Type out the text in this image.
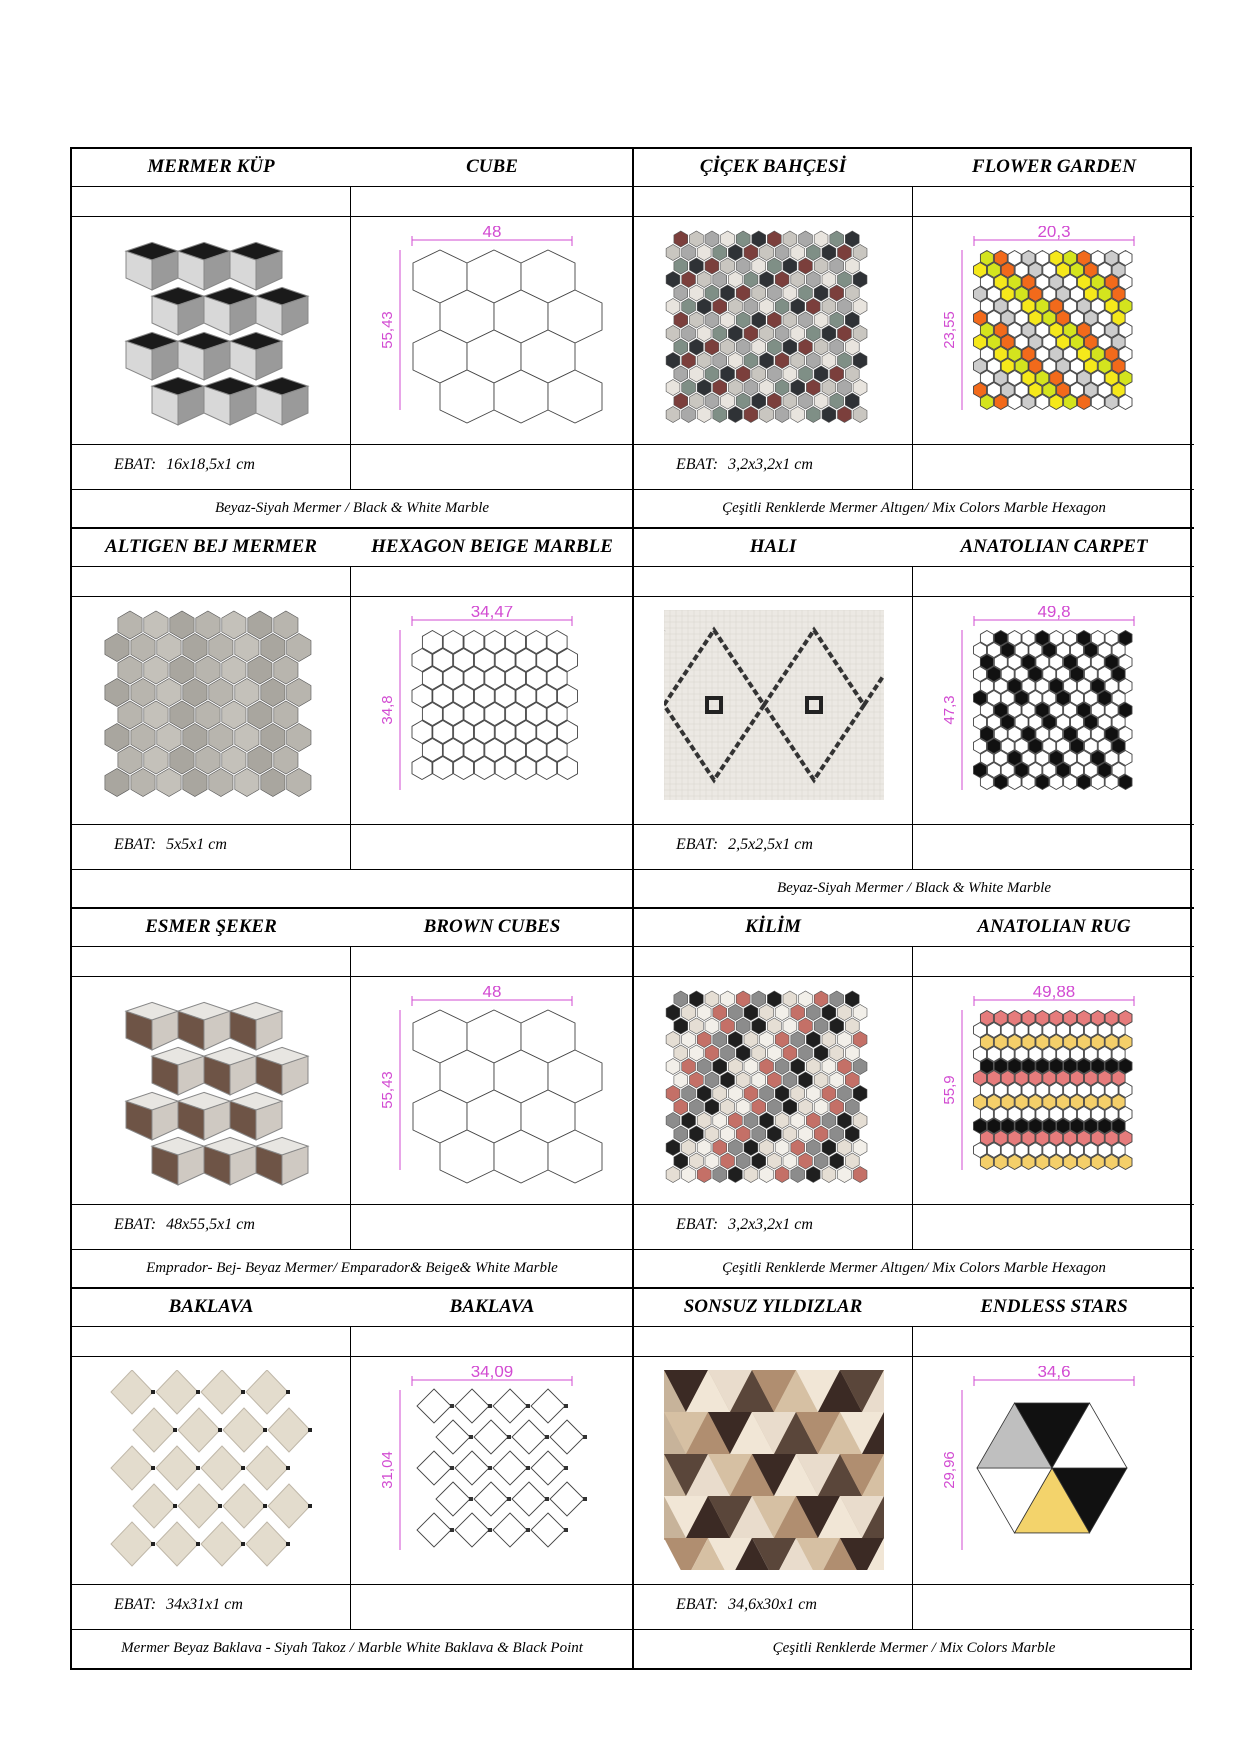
MERMER KÜP	CUBE
48
55,43
EBAT: 16x18,5x1 cm
Beyaz-Siyah Mermer / Black & White Marble
ÇİÇEK BAHÇESİ	FLOWER GARDEN
20,3
23,55
EBAT: 3,2x3,2x1 cm
Çeşitli Renklerde Mermer Altıgen/ Mix Colors Marble Hexagon
ALTIGEN BEJ MERMER	HEXAGON BEIGE MARBLE
34,47
34,8
EBAT: 5x5x1 cm
HALI	ANATOLIAN CARPET
49,8
47,3
EBAT: 2,5x2,5x1 cm
Beyaz-Siyah Mermer / Black & White Marble
ESMER ŞEKER	BROWN CUBES
48
55,43
EBAT: 48x55,5x1 cm
Emprador- Bej- Beyaz Mermer/ Emparador& Beige& White Marble
KİLİM	ANATOLIAN RUG
49,88
55,9
EBAT: 3,2x3,2x1 cm
Çeşitli Renklerde Mermer Altıgen/ Mix Colors Marble Hexagon
BAKLAVA	BAKLAVA
34,09
31,04
EBAT: 34x31x1 cm
Mermer Beyaz Baklava - Siyah Takoz / Marble White Baklava & Black Point
SONSUZ YILDIZLAR	ENDLESS STARS
34,6
29,96
EBAT: 34,6x30x1 cm
Çeşitli Renklerde Mermer / Mix Colors Marble
